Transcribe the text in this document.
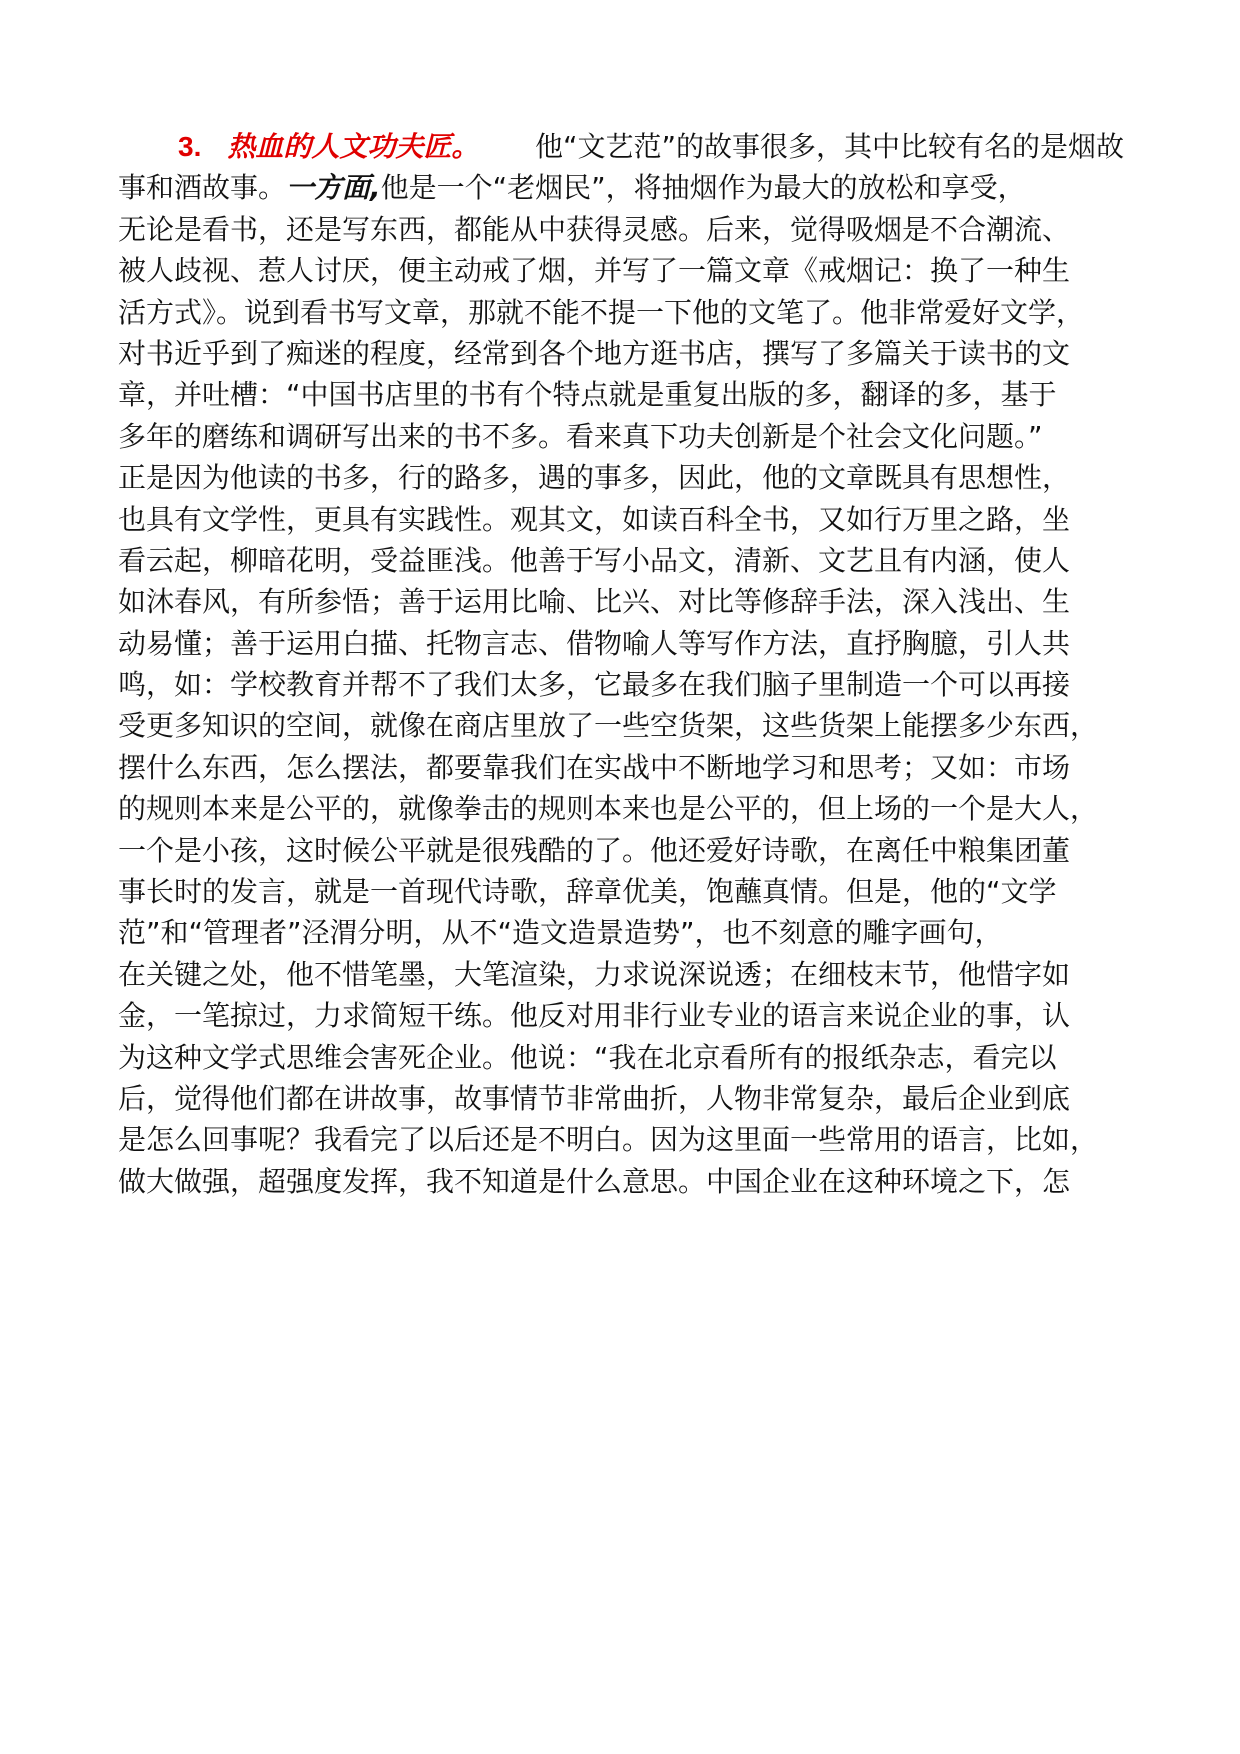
3. 热血的人文功夫匠。 他“文艺范”的故事很多，其中比较有名的是烟故
事和酒故事。 一方面, 他是一个“老烟民”，将抽烟作为最大的放松和享受，
无论是看书，还是写东西，都能从中获得灵感。后来，觉得吸烟是不合潮流、
被人歧视、惹人讨厌，便主动戒了烟，并写了一篇文章《戒烟记：换了一种生
活方式》。说到看书写文章，那就不能不提一下他的文笔了。他非常爱好文学，
对书近乎到了痴迷的程度，经常到各个地方逛书店，撰写了多篇关于读书的文
章，并吐槽：“中国书店里的书有个特点就是重复出版的多，翻译的多，基于
多年的磨练和调研写出来的书不多。看来真下功夫创新是个社会文化问题。”
正是因为他读的书多，行的路多，遇的事多，因此，他的文章既具有思想性，
也具有文学性，更具有实践性。观其文，如读百科全书，又如行万里之路，坐
看云起，柳暗花明，受益匪浅。他善于写小品文，清新、文艺且有内涵，使人
如沐春风，有所参悟；善于运用比喻、比兴、对比等修辞手法，深入浅出、生
动易懂；善于运用白描、托物言志、借物喻人等写作方法，直抒胸臆，引人共
鸣，如：学校教育并帮不了我们太多，它最多在我们脑子里制造一个可以再接
受更多知识的空间，就像在商店里放了一些空货架，这些货架上能摆多少东西，
摆什么东西，怎么摆法，都要靠我们在实战中不断地学习和思考；又如：市场
的规则本来是公平的，就像拳击的规则本来也是公平的，但上场的一个是大人，
一个是小孩，这时候公平就是很残酷的了。他还爱好诗歌，在离任中粮集团董
事长时的发言，就是一首现代诗歌，辞章优美，饱蘸真情。但是，他的“文学
范”和“管理者”泾渭分明，从不“造文造景造势”，也不刻意的雕字画句，
在关键之处，他不惜笔墨，大笔渲染，力求说深说透；在细枝末节，他惜字如
金，一笔掠过，力求简短干练。他反对用非行业专业的语言来说企业的事，认
为这种文学式思维会害死企业。他说：“我在北京看所有的报纸杂志，看完以
后，觉得他们都在讲故事，故事情节非常曲折，人物非常复杂，最后企业到底
是怎么回事呢？我看完了以后还是不明白。因为这里面一些常用的语言，比如，
做大做强，超强度发挥，我不知道是什么意思。中国企业在这种环境之下，怎
